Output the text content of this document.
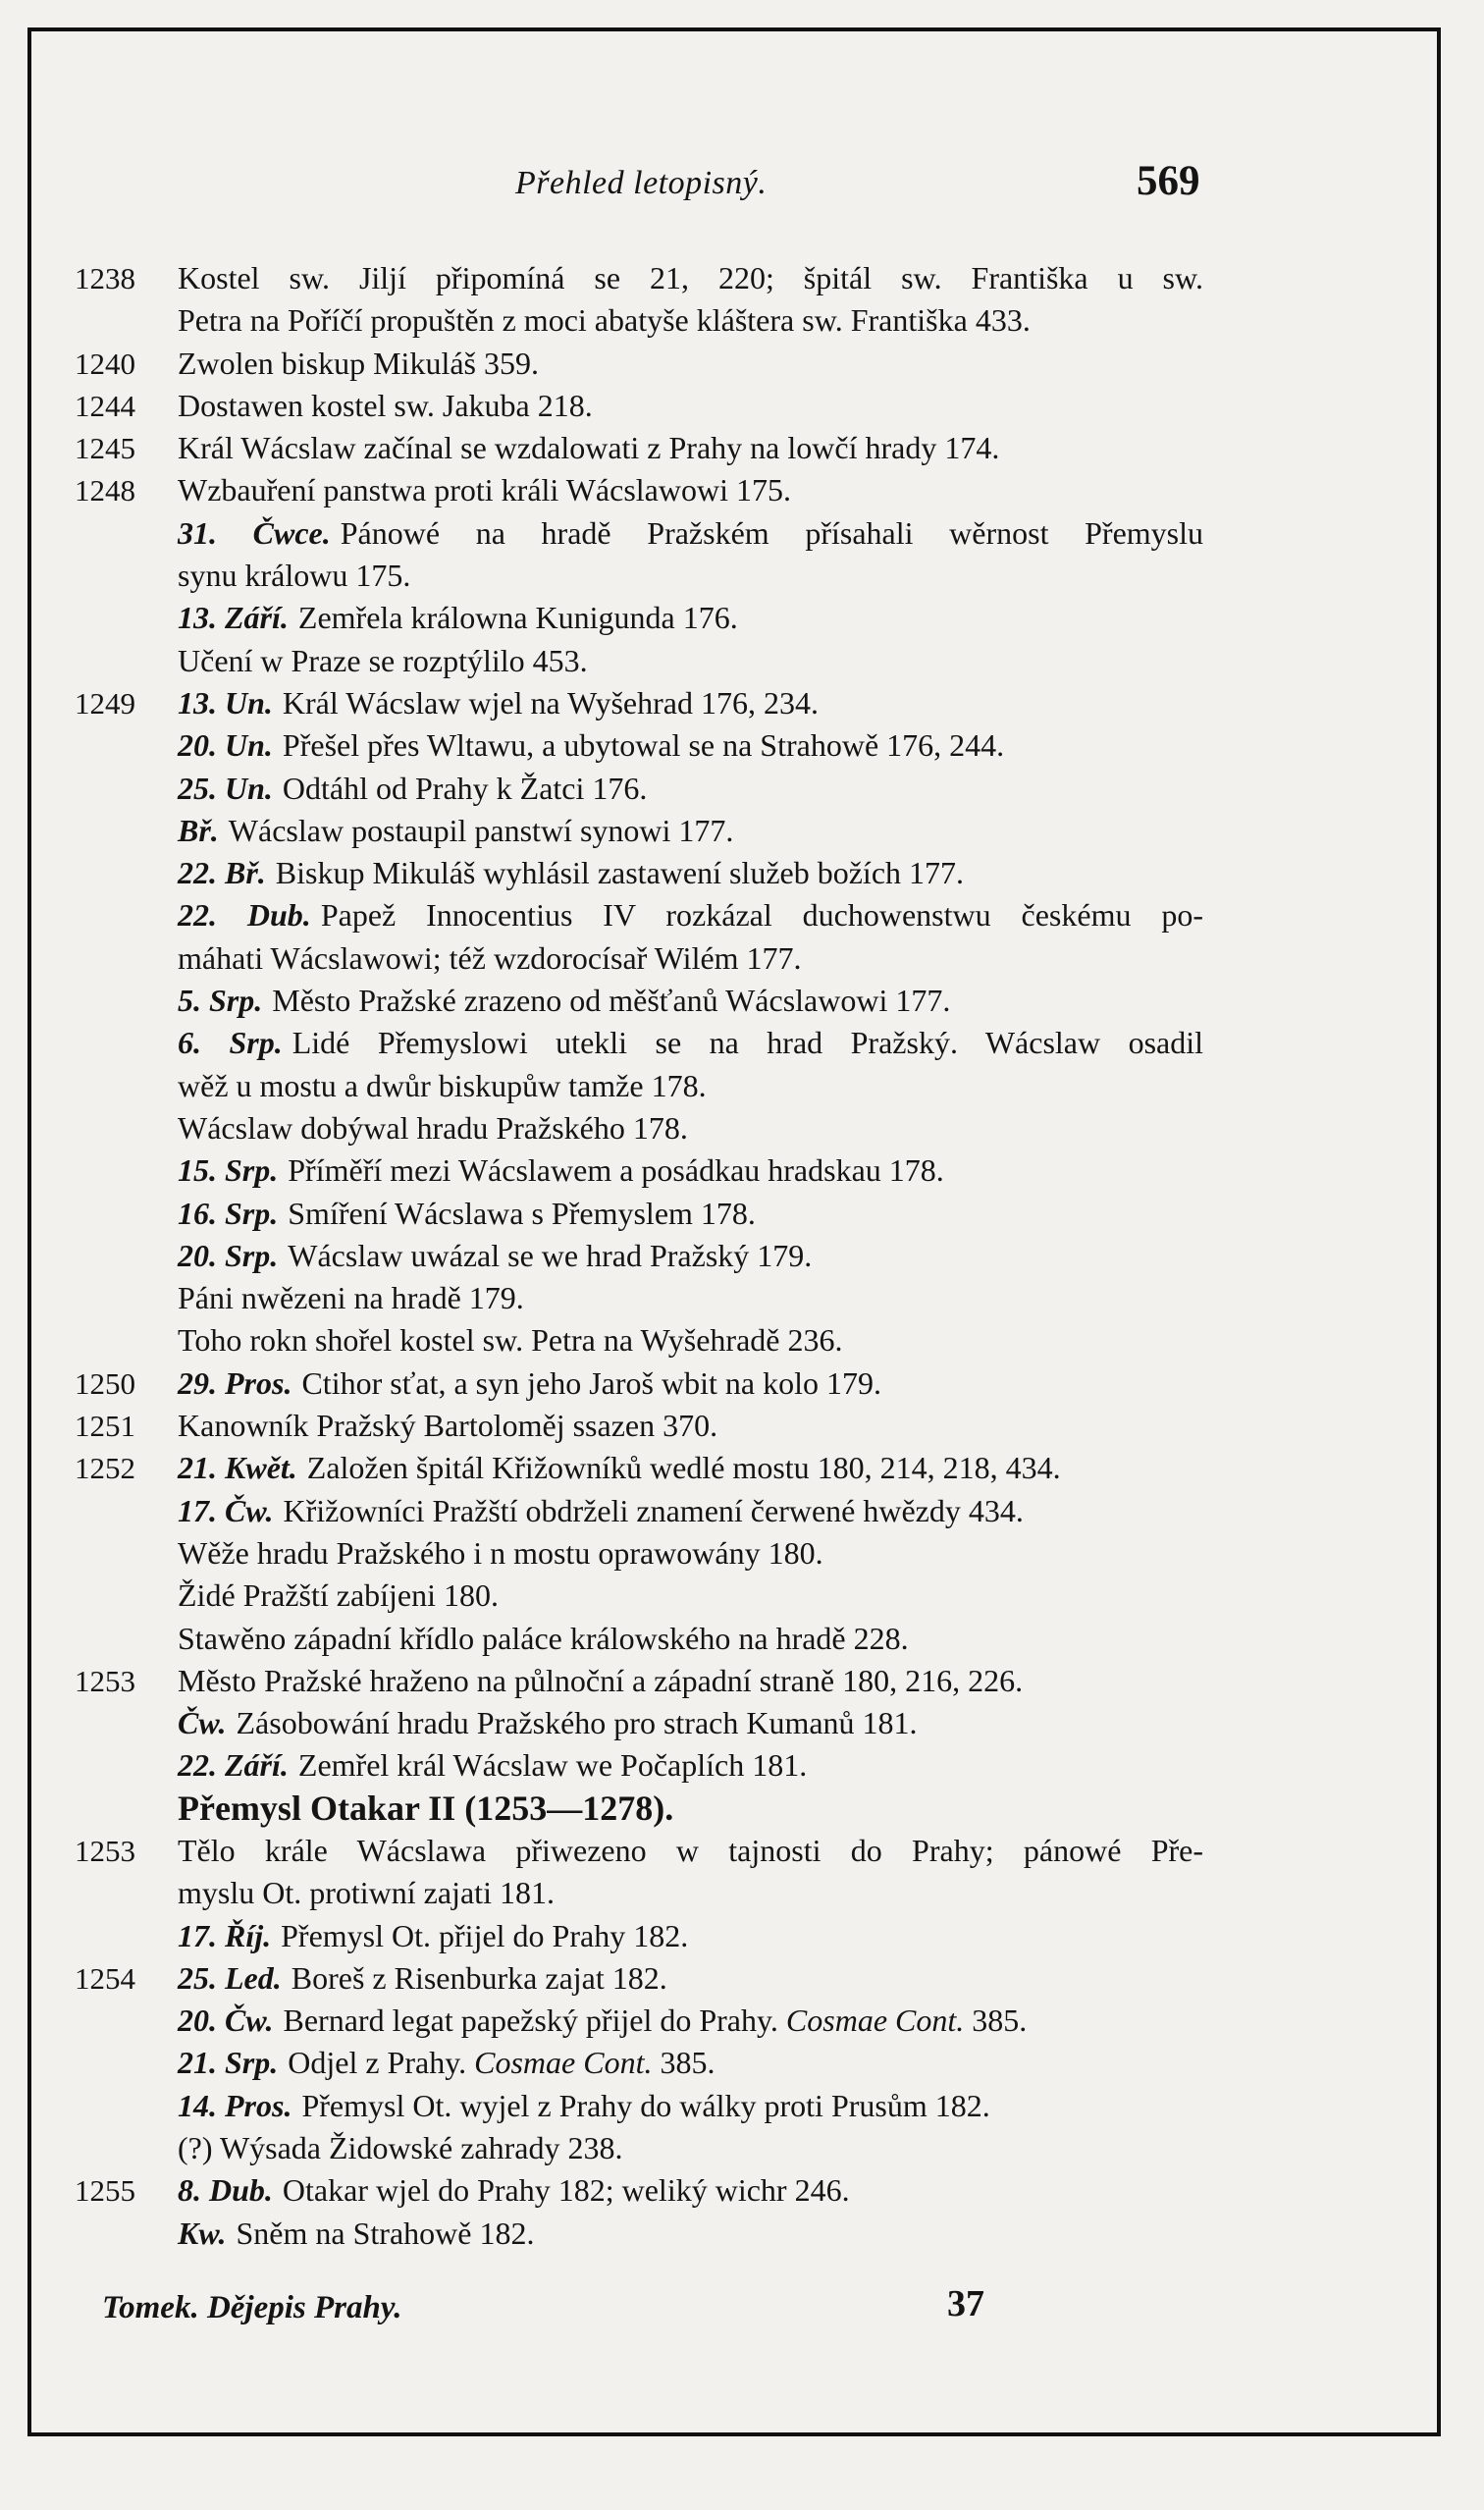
Přehled letopisný.	569
1238	Kostel sw. Jiljí připomíná se 21, 220; špitál sw. Františka u sw.
Petra na Poříčí propuštěn z moci abatyše kláštera sw. Františka 433.
1240	Zwolen biskup Mikuláš 359.
1244	Dostawen kostel sw. Jakuba 218.
1245	Král Wácslaw začínal se wzdalowati z Prahy na lowčí hrady 174.
1248	Wzbauření panstwa proti králi Wácslawowi 175.
31. Čwce. Pánowé na hradě Pražském přísahali wěrnost Přemyslu
synu králowu 175.
13. Září. Zemřela králowna Kunigunda 176.
Učení w Praze se rozptýlilo 453.
1249	13. Un. Král Wácslaw wjel na Wyšehrad 176, 234.
20. Un. Přešel přes Wltawu, a ubytowal se na Strahowě 176, 244.
25. Un. Odtáhl od Prahy k Žatci 176.
Bř. Wácslaw postaupil panstwí synowi 177.
22. Bř. Biskup Mikuláš wyhlásil zastawení služeb božích 177.
22. Dub. Papež Innocentius IV rozkázal duchowenstwu českému po-
máhati Wácslawowi; též wzdorocísař Wilém 177.
5. Srp. Město Pražské zrazeno od měšťanů Wácslawowi 177.
6. Srp. Lidé Přemyslowi utekli se na hrad Pražský. Wácslaw osadil
wěž u mostu a dwůr biskupůw tamže 178.
Wácslaw dobýwal hradu Pražského 178.
15. Srp. Příměří mezi Wácslawem a posádkau hradskau 178.
16. Srp. Smíření Wácslawa s Přemyslem 178.
20. Srp. Wácslaw uwázal se we hrad Pražský 179.
Páni nwězeni na hradě 179.
Toho rokn shořel kostel sw. Petra na Wyšehradě 236.
1250	29. Pros. Ctihor sťat, a syn jeho Jaroš wbit na kolo 179.
1251	Kanowník Pražský Bartoloměj ssazen 370.
1252	21. Kwět. Založen špitál Křižowníků wedlé mostu 180, 214, 218, 434.
17. Čw. Křižowníci Pražští obdrželi znamení čerwené hwězdy 434.
Wěže hradu Pražského i n mostu oprawowány 180.
Židé Pražští zabíjeni 180.
Stawěno západní křídlo paláce králowského na hradě 228.
1253	Město Pražské hraženo na půlnoční a západní straně 180, 216, 226.
Čw. Zásobowání hradu Pražského pro strach Kumanů 181.
22. Září. Zemřel král Wácslaw we Počaplích 181.
Přemysl Otakar II (1253—1278).
1253	Tělo krále Wácslawa přiwezeno w tajnosti do Prahy; pánowé Pře-
myslu Ot. protiwní zajati 181.
17. Říj. Přemysl Ot. přijel do Prahy 182.
1254	25. Led. Boreš z Risenburka zajat 182.
20. Čw. Bernard legat papežský přijel do Prahy. Cosmae Cont. 385.
21. Srp. Odjel z Prahy. Cosmae Cont. 385.
14. Pros. Přemysl Ot. wyjel z Prahy do wálky proti Prusům 182.
(?) Wýsada Židowské zahrady 238.
1255	8. Dub. Otakar wjel do Prahy 182; weliký wichr 246.
Kw. Sněm na Strahowě 182.
Tomek. Dějepis Prahy.	37
